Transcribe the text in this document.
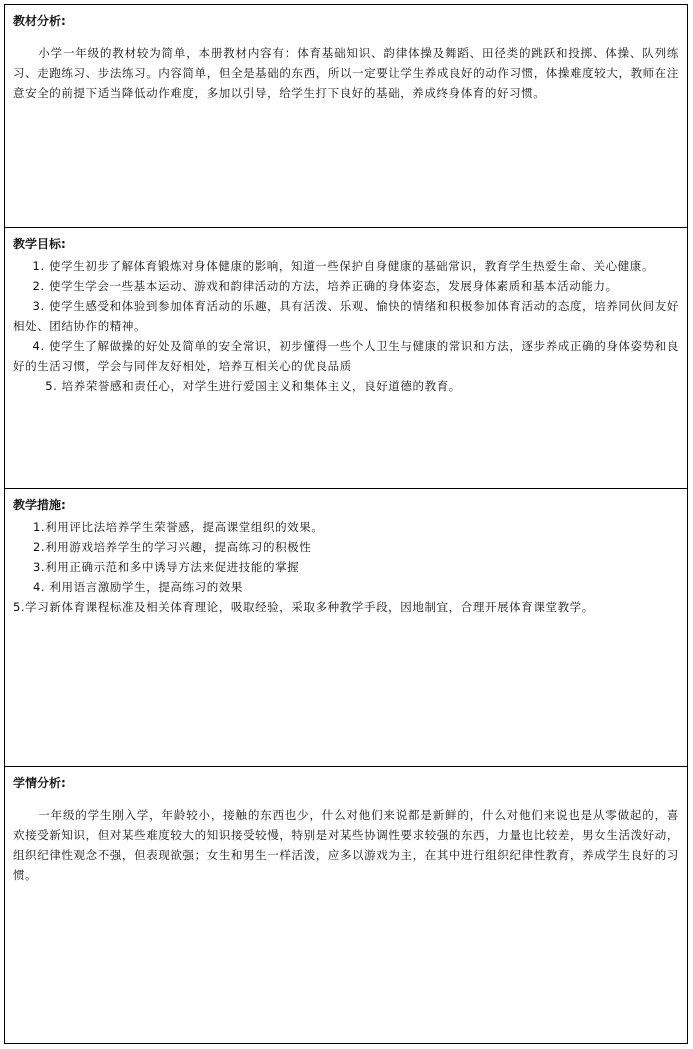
教材分析:

小学一年级的教材较为简单，本册教材内容有：体育基础知识、韵律体操及舞蹈、田径类的跳跃和投掷、体操、队列练习、走跑练习、步法练习。内容简单，但全是基础的东西，所以一定要让学生养成良好的动作习惯，体操难度较大，教师在注意安全的前提下适当降低动作难度，多加以引导，给学生打下良好的基础，养成终身体育的好习惯。

教学目标:

1. 使学生初步了解体育锻炼对身体健康的影响，知道一些保护自身健康的基础常识，教育学生热爱生命、关心健康。

2. 使学生学会一些基本运动、游戏和韵律活动的方法，培养正确的身体姿态，发展身体素质和基本活动能力。

3. 使学生感受和体验到参加体育活动的乐趣，具有活泼、乐观、愉快的情绪和积极参加体育活动的态度，培养同伙间友好相处、团结协作的精神。

4. 使学生了解做操的好处及简单的安全常识，初步懂得一些个人卫生与健康的常识和方法，逐步养成正确的身体姿势和良好的生活习惯，学会与同伴友好相处，培养互相关心的优良品质

5. 培养荣誉感和责任心，对学生进行爱国主义和集体主义，良好道德的教育。

教学措施:

1.利用评比法培养学生荣誉感，提高课堂组织的效果。

2.利用游戏培养学生的学习兴趣，提高练习的积极性

3.利用正确示范和多中诱导方法来促进技能的掌握

4. 利用语言激励学生，提高练习的效果

5.学习新体育课程标准及相关体育理论，吸取经验，采取多种教学手段，因地制宜，合理开展体育课堂教学。

学情分析:

一年级的学生刚入学，年龄较小，接触的东西也少，什么对他们来说都是新鲜的，什么对他们来说也是从零做起的，喜欢接受新知识，但对某些难度较大的知识接受较慢，特别是对某些协调性要求较强的东西，力量也比较差，男女生活泼好动，组织纪律性观念不强，但表现欲强；女生和男生一样活泼，应多以游戏为主，在其中进行组织纪律性教育，养成学生良好的习惯。
